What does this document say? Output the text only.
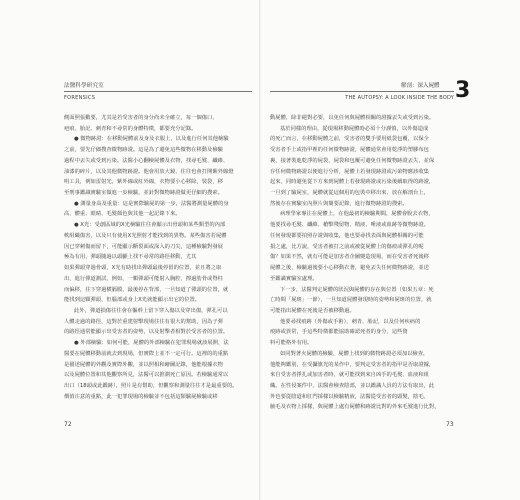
法醫科學研究室
FORENSICS
側面照張數要，尤其是若受害者的身分尚未全確立，每一個傷口、
疤痕、胎記、刺青和不尋常的身體特徵，都要充分記錄。
● 微物跡證：在移動屍體前及身及衣服上，以及進行任何其他檢驗
之前，要先仔細搜查微物跡證。這是為了避免這些微物在移動及檢驗
過程中丟失或受到污染。法醫小心翻檢屍體及衣物，找尋毛髮、纖維、
油漆的碎片，以及其他微物跡證。他會用放大鏡、往往也會打開紫外線燈
明工具，例如雷射光，紫外線或紅外線，衣物要小心移除，裝袋，移
至刑事鑑識實驗室做進一步檢驗，並針對微物跡證做更仔細的搜索。
● 測量身高及重量：這是實際驗屍的第一步，法醫將測量屍體的身
高、體重、眼睛、毛髮顏色與其他一起記錄下來。
● X光：受創區域的X光檢驗往往會顯示出骨頭和某些類型的內部
軟組織傷害，以及只有使用X光照射才能找到的異物。某些傷害若屍體
因已穿刺傷而留下，可能顯示斷裂面或深入的刀尖，這種檢驗對發展
極為有用，彈頭隨過以頭顱上找不尋常的路徑移動，尤其
如果彈頭穿過骨頭，X光有助找出彈頭最後停留的位置，並且將之取
出，進行彈道測試，例如，一顆彈頭可能射入胸腔，擦過肋骨或脊柱
而偏移，往下穿過横膈膜，最後停在背部，一旦知道了彈頭的位置，就
能找到這顆彈頭，但腦部或身上X光就能顯示出它的位置。
此外，彈道損傷往往會在軀幹上留下穿入傷以及穿出傷，彈孔可以
人體走過的路徑，這對於重建射擊現場往往有很大的幫助，因為子彈
的路徑通常能顯示出受害者的姿勢，以及射擊者相對於受害者的位置。
● 外部檢驗：如何可能，屍體的外部檢驗在犯罪現場就該展開，法
醫要在屍體移動前就去到現場，但實際上並不一定可行。這裡的的重點
是描述屍體的外觀及實際外觀，並以照相和繪圖記錄，他能根據衣物
以及屍體位置和其他觀察所見，法醫可以推測死亡原因。若檢驗通常以
出口（18頭或此鑑跡），照片是有幫助，但觀察和測量往往才是最重要的。
價值注意的重點，此一犯罪現場的檢驗並不包括這類驗屍檢驗或移
72
解剖：深入屍體 3
THE AUTOPSY: A LOOK INSIDE THE BODY
動屍體，除非絕對必要，以免任何與屍體相關的證據丟失或受到污染。
基於同樣的理由，從現場移動屍體時必須十分謹慎，以外傷造成
的死亡而言，在移動屍體之前，受害者的雙手要用紙袋包覆，以保全
受害者手上或指甲裡的任何微物跡證，屍體通常會用乾淨的塑膠布包
裹，接著裝進乾淨的屍袋，屍袋和包覆可避免任何微物跡證丟失，並保
存任何微物跡證以便進行分析，屍體上若發現跡證或污染物應該收集
起來，同時避免從下方來到屍體上若發現跡證或污染後續取得的跡證，
一旦到了驗屍室，屍體就從這個用的包裝中移出來，放在解剖台上，
然後存在實驗室內照片與簡要記錄，進行微物跡證的搜索。
病理學家專注在屍體上，在他最初的檢驗期間，屍體會脫去衣物，
他要找尋毛髮、纖維、槍擊殘留物、精液、唾液或血跡等微物跡證。
任何發現都要拍照存證與收集，他也要尋找表面與屍體相關的可能
損之處，比方說，受害者被打之前或被從屍體上的傷痕或彈孔的呢
傷？如果不然，就有可能是加害者企圖變造現場，而在受害者死後移
屍體之後，檢驗過後要小心移動衣著，避免丟失任何微物跡證，並送
至鑑識實驗室處理。
下一步，法醫判定屍體的狀況與屍體的存在與位置（如果五章：死
亡時間「屍斑」一節），一旦知道屍體發現時的姿勢和屍斑的位置，就
可能指出屍體在死後是否被移動過。
他要尋找痕跡（外傷或手術），刺青、胎記，以及任何疾病的
痕跡或異常，手這些特徵都能協助確認死者的身分，這些資
料可能格外有用。
如同對著火屍體的檢驗，屍體上找到的微物跡證必須加以檢查，
他能夠鑑別，在受攝旗光的某作中，要判定受害者的指甲是否取證據，
來自受害者掙扎或加害者時，就可能找到來自凶手的毛髮、血液和組
織。在性侵案件中，法醫會檢查陰部，並以鑑識人員的方法有取出，此
外也要從陰道和肛門採樣以檢驗精液，法醫從受害者的頭髮，陰毛、
腋毛及衣物上採樣，與屍體上處有屍體和跡證比對的外來毛髮進行比對，
73
